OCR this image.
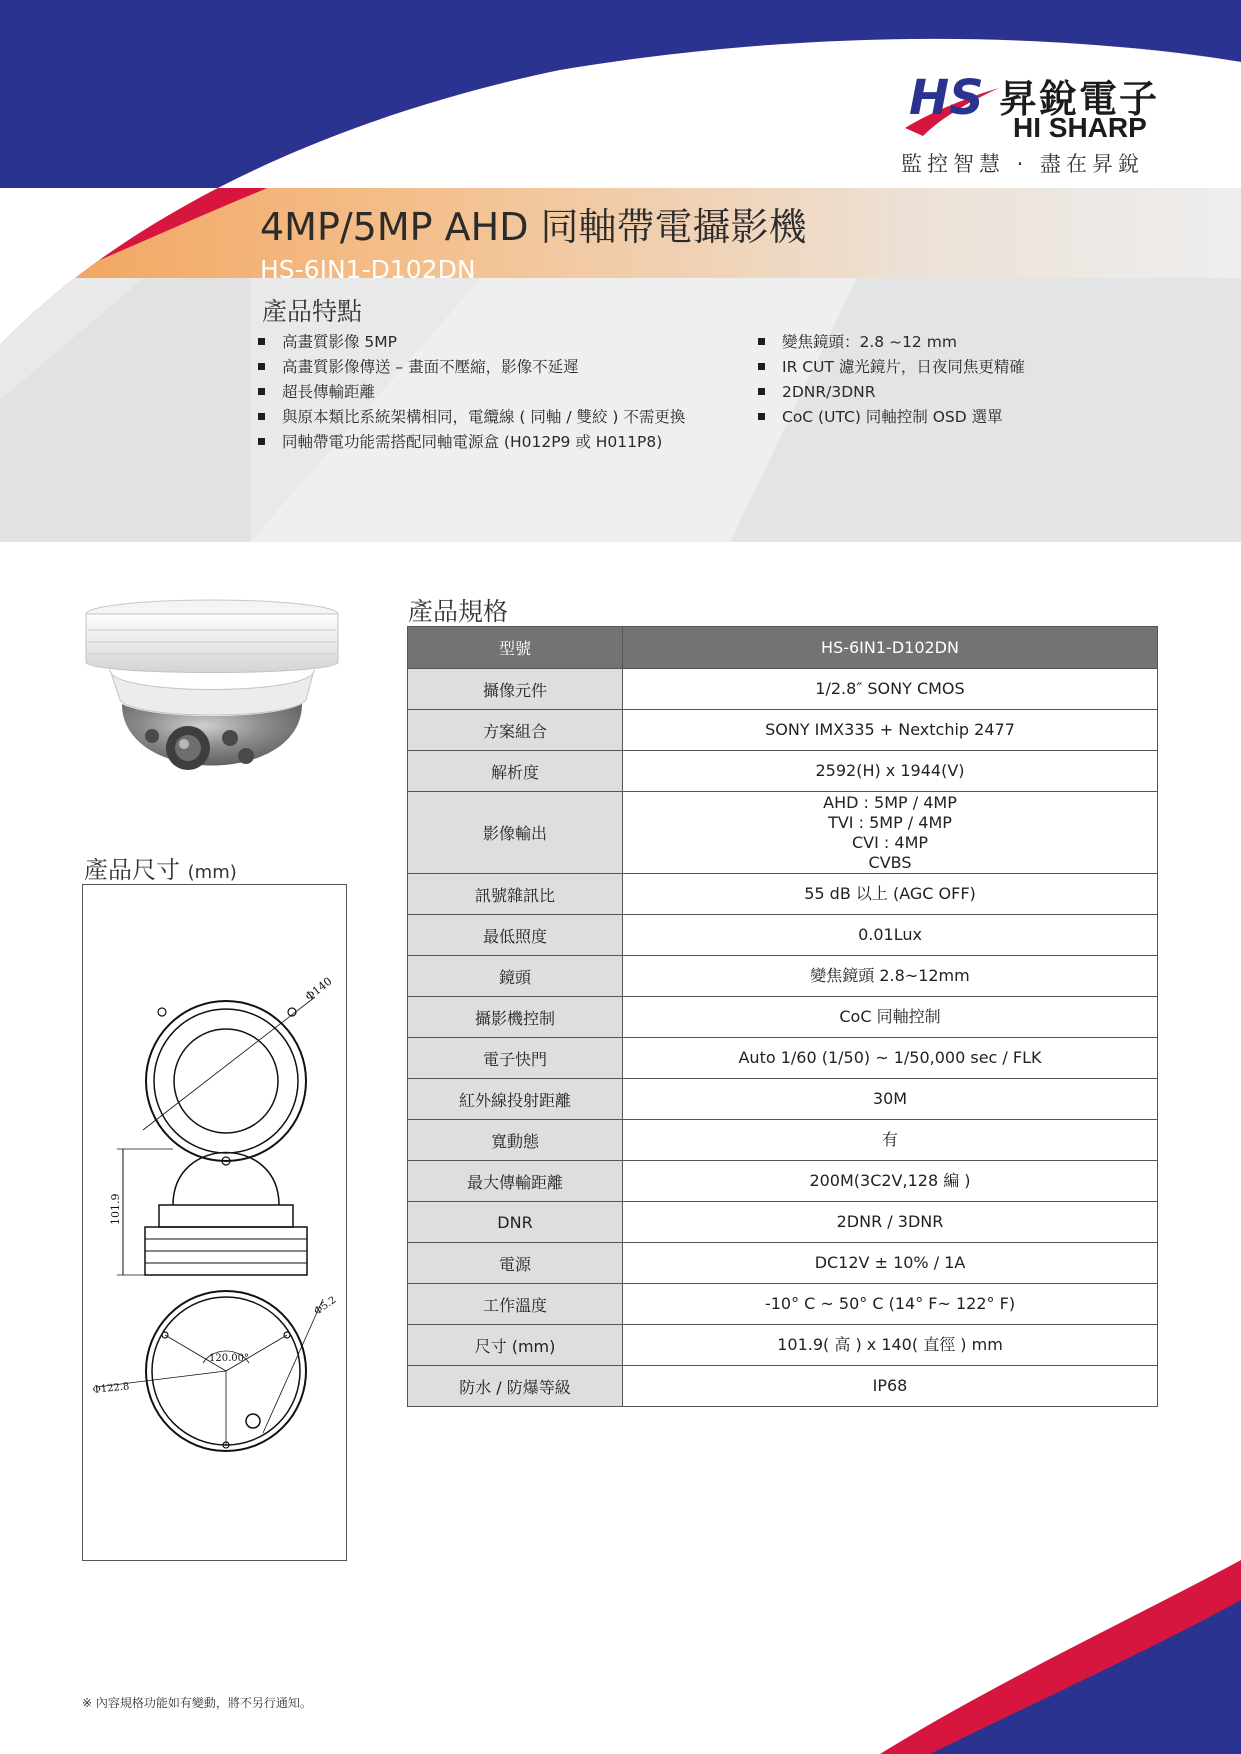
HS 昇銳電子
HI SHARP
監控智慧 · 盡在昇銳
4MP/5MP AHD 同軸帶電攝影機
HS-6IN1-D102DN
產品特點
高畫質影像 5MP
高畫質影像傳送 – 畫面不壓縮，影像不延遲
超長傳輸距離
與原本類比系統架構相同，電纜線 ( 同軸 / 雙絞 ) 不需更換
同軸帶電功能需搭配同軸電源盒 (H012P9 或 H011P8)
變焦鏡頭：2.8 ~12 mm
IR CUT 濾光鏡片，日夜同焦更精確
2DNR/3DNR
CoC (UTC) 同軸控制 OSD 選單
產品尺寸 (mm)
Φ140
101.9
120.00°
Φ5.2
Φ122.8
產品規格
型號	HS-6IN1-D102DN
攝像元件	1/2.8″ SONY CMOS

方案組合	SONY IMX335 + Nextchip 2477

解析度	2592(H) x 1944(V)

影像輸出	AHD : 5MP / 4MP
TVI : 5MP / 4MP
CVI : 4MP
CVBS

訊號雜訊比	55 dB 以上 (AGC OFF)

最低照度	0.01Lux

鏡頭	變焦鏡頭 2.8~12mm

攝影機控制	CoC 同軸控制

電子快門	Auto 1/60 (1/50) ~ 1/50,000 sec / FLK

紅外線投射距離	30M

寬動態	有

最大傳輸距離	200M(3C2V,128 編 )

DNR	2DNR / 3DNR

電源	DC12V ± 10% / 1A

工作溫度	-10° C ~ 50° C (14° F~ 122° F)

尺寸 (mm)	101.9( 高 ) x 140( 直徑 ) mm

防水 / 防爆等級	IP68
※ 內容規格功能如有變動，將不另行通知。
